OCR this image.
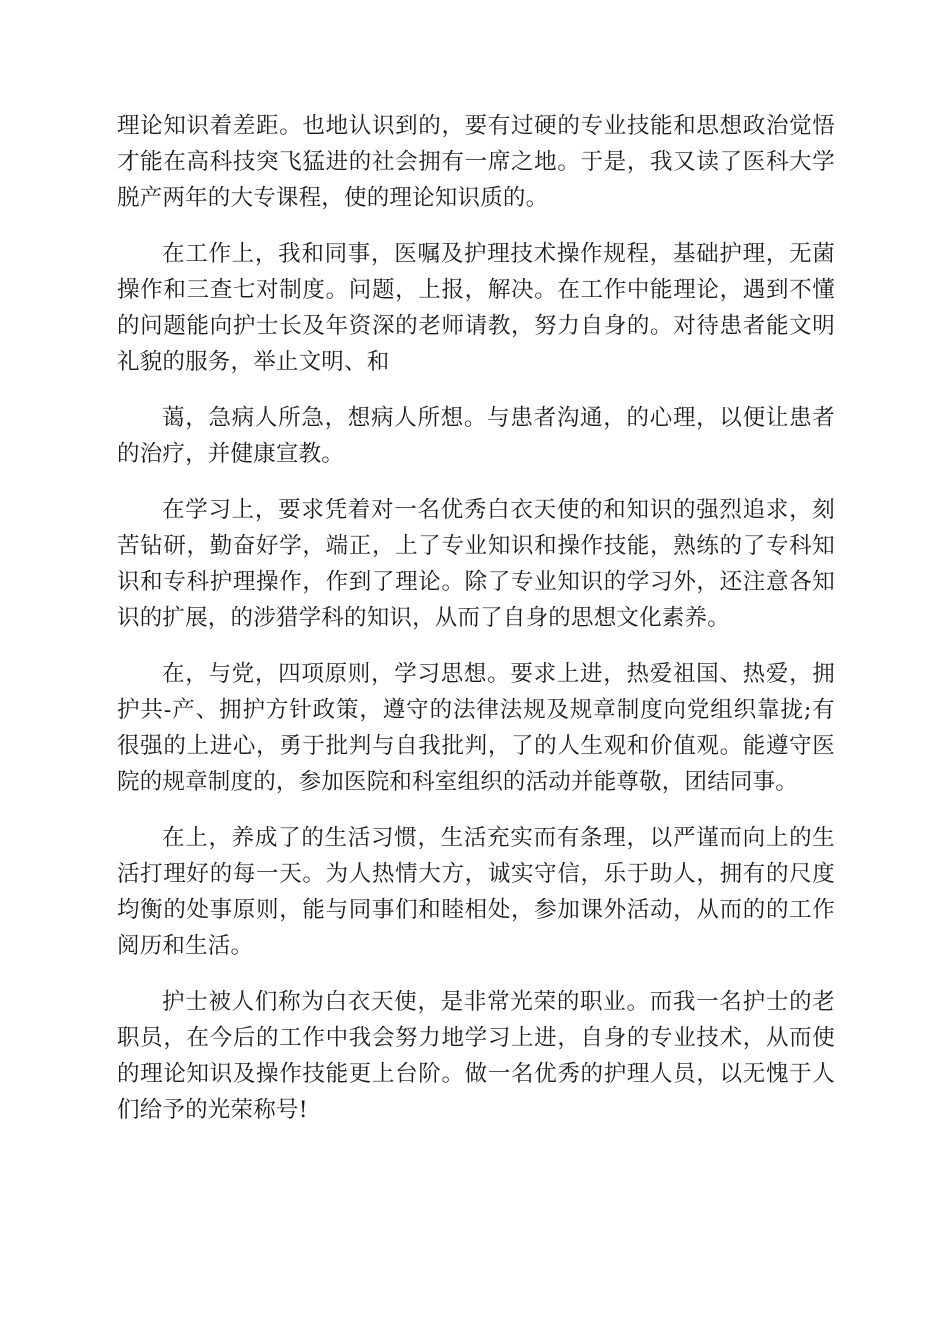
理论知识着差距。也地认识到的，要有过硬的专业技能和思想政治觉悟才能在高科技突飞猛进的社会拥有一席之地。于是，我又读了医科大学脱产两年的大专课程，使的理论知识质的。

在工作上，我和同事，医嘱及护理技术操作规程，基础护理，无菌操作和三查七对制度。问题，上报，解决。在工作中能理论，遇到不懂的问题能向护士长及年资深的老师请教，努力自身的。对待患者能文明礼貌的服务，举止文明、和

蔼，急病人所急，想病人所想。与患者沟通，的心理，以便让患者的治疗，并健康宣教。

在学习上，要求凭着对一名优秀白衣天使的和知识的强烈追求，刻苦钻研，勤奋好学，端正，上了专业知识和操作技能，熟练的了专科知识和专科护理操作，作到了理论。除了专业知识的学习外，还注意各知识的扩展，的涉猎学科的知识，从而了自身的思想文化素养。

在，与党，四项原则，学习思想。要求上进，热爱祖国、热爱，拥护共-产、拥护方针政策，遵守的法律法规及规章制度向党组织靠拢;有很强的上进心，勇于批判与自我批判，了的人生观和价值观。能遵守医院的规章制度的，参加医院和科室组织的活动并能尊敬，团结同事。

在上，养成了的生活习惯，生活充实而有条理，以严谨而向上的生活打理好的每一天。为人热情大方，诚实守信，乐于助人，拥有的尺度均衡的处事原则，能与同事们和睦相处，参加课外活动，从而的的工作阅历和生活。

护士被人们称为白衣天使，是非常光荣的职业。而我一名护士的老职员，在今后的工作中我会努力地学习上进，自身的专业技术，从而使的理论知识及操作技能更上台阶。做一名优秀的护理人员，以无愧于人们给予的光荣称号!
